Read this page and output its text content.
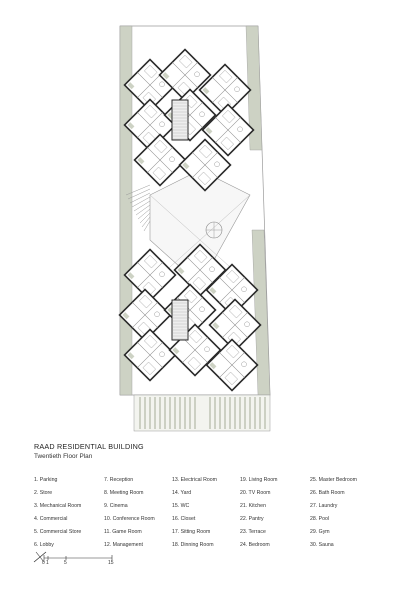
RAAD RESIDENTIAL BUILDING
Twentieth Floor Plan
1. Parking
2. Store
3. Mechanical Room
4. Commercial
5. Commercial Store
6. Lobby
7. Reception
8. Meeting Room
9. Cinema
10. Conference Room
11. Game Room
12. Management
13. Electrical Room
14. Yard
15. WC
16. Closet
17. Sitting Room
18. Dinning Room
19. Living Room
20. TV Room
21. Kitchen
22. Pantry
23. Terrace
24. Bedroom
25. Master Bedroom
26. Bath Room
27. Laundry
28. Pool
29. Gym
30. Sauna
0 1	5	15
